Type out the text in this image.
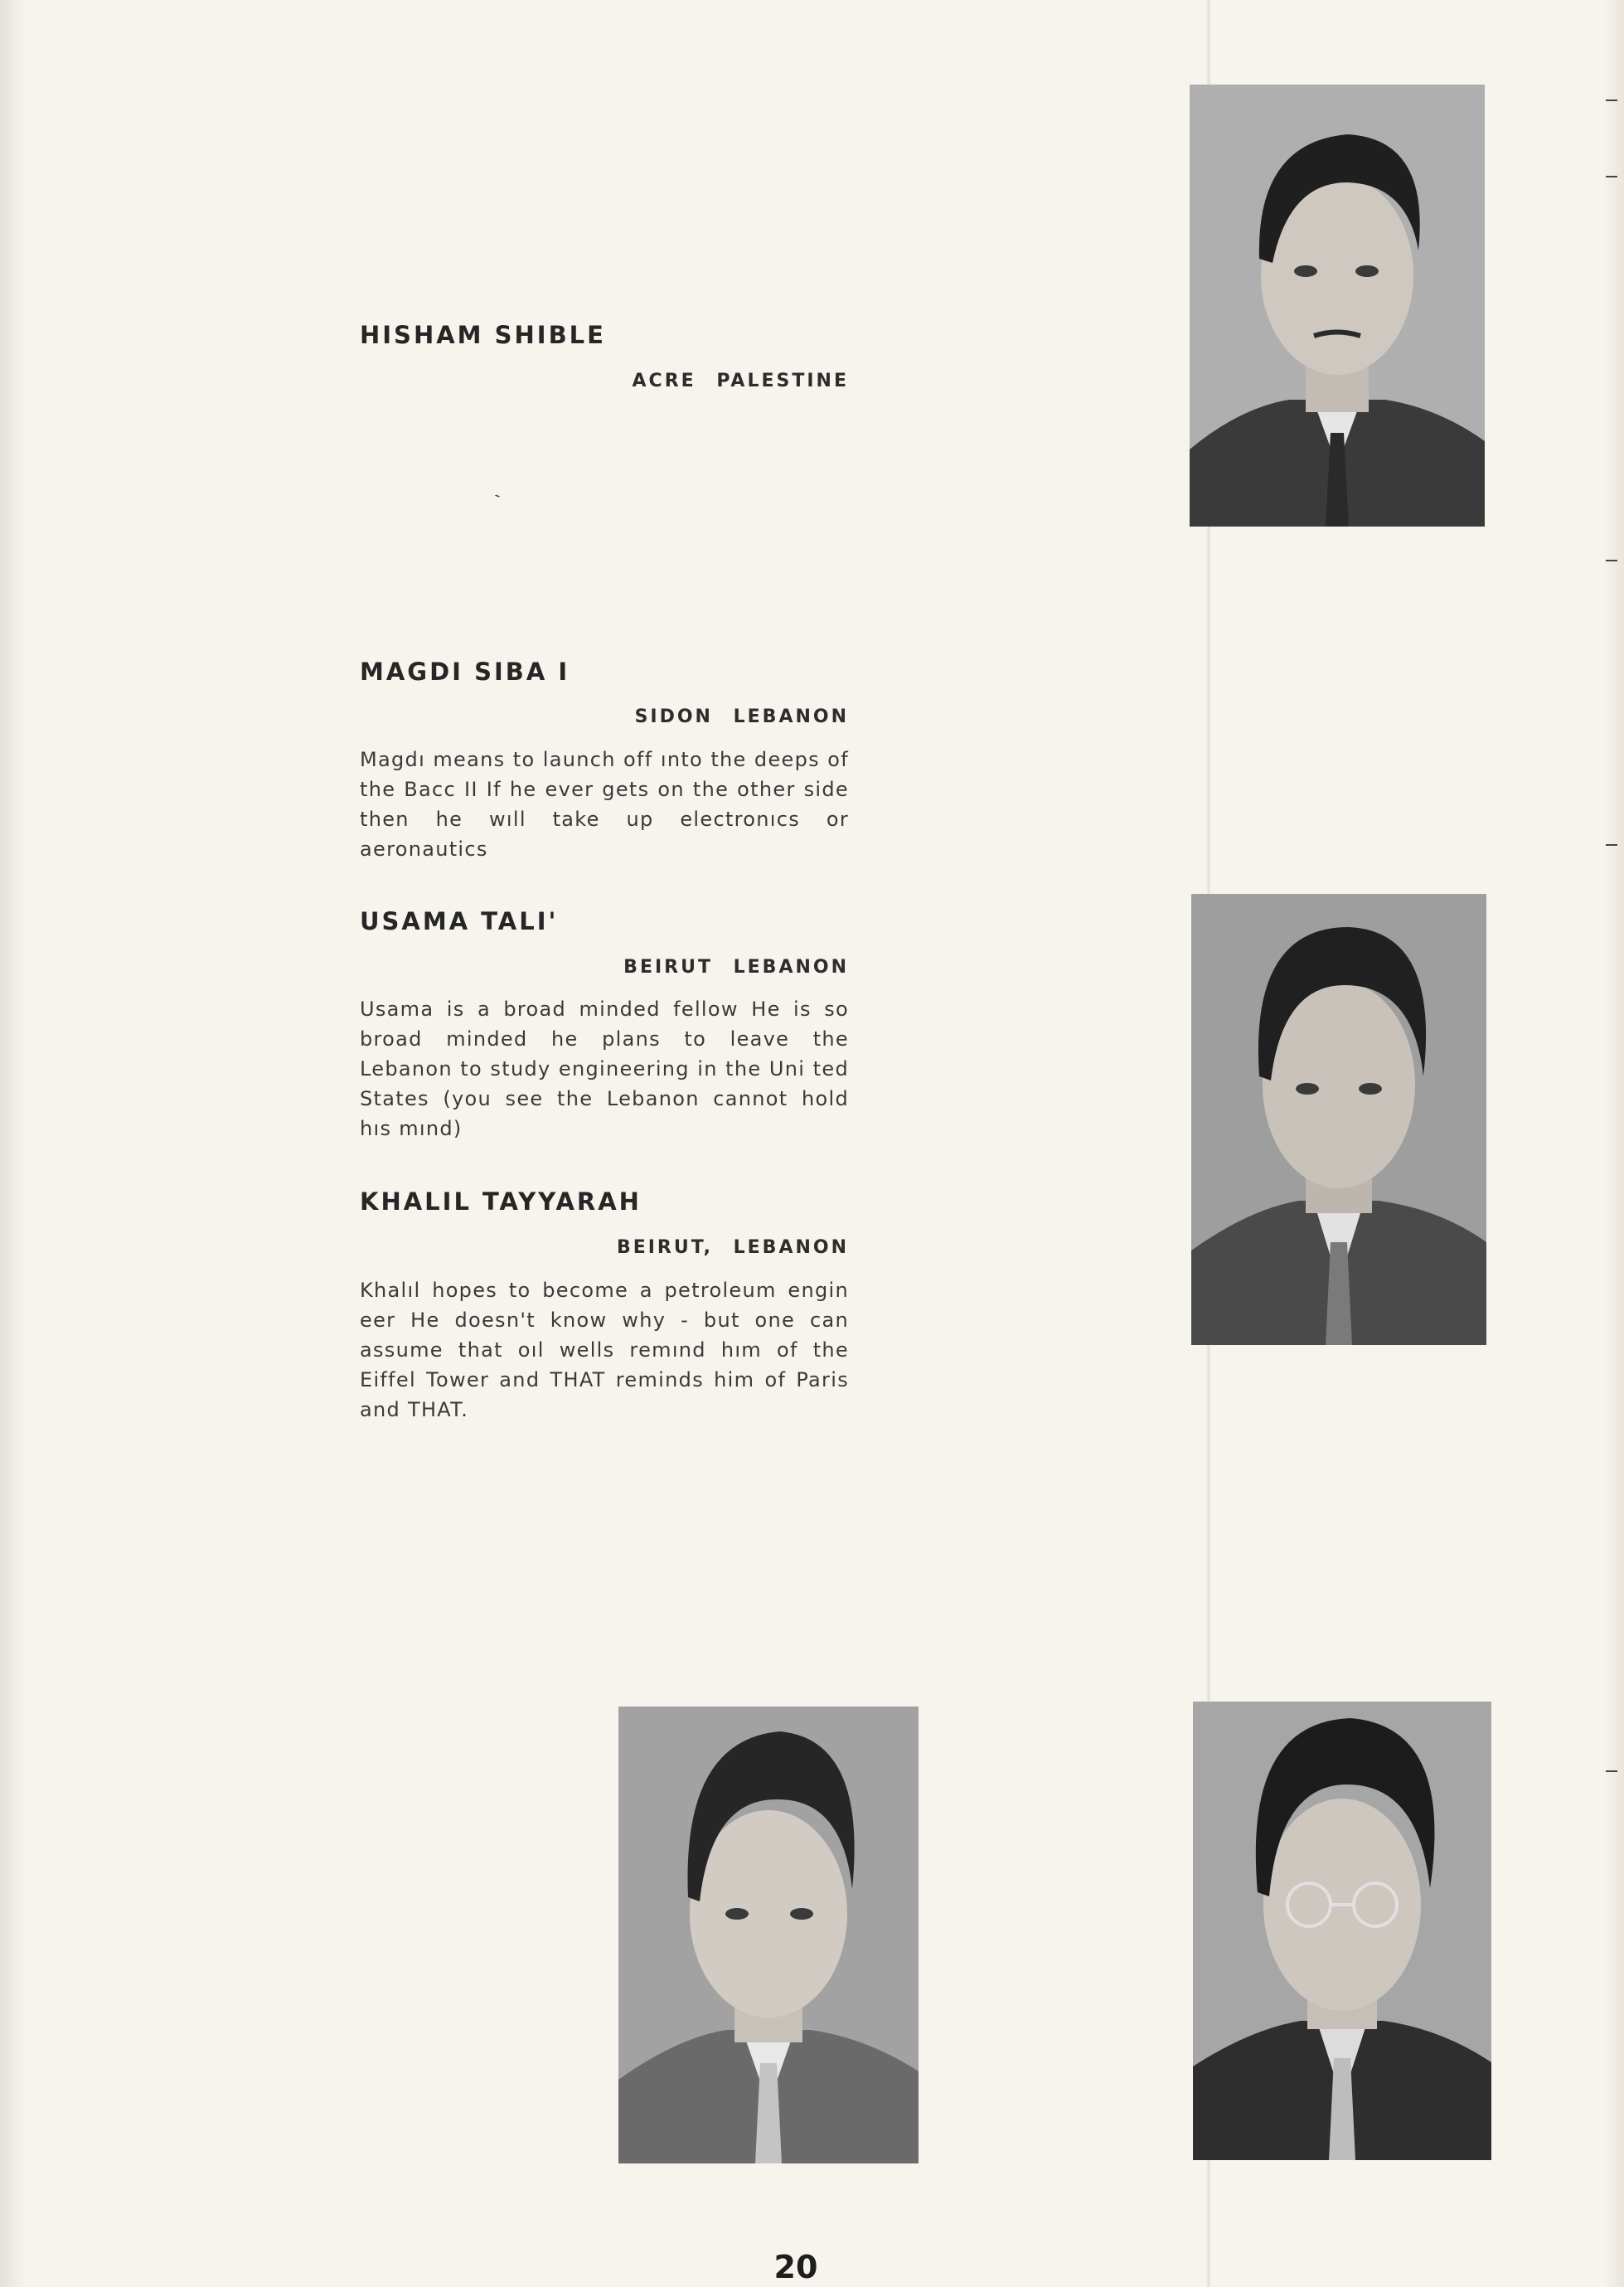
HISHAM SHIBLE
ACRE PALESTINE
`
MAGDI SIBA I
SIDON LEBANON
Magdı means to launch off ınto the deeps of the Bacc II If he ever gets on the other side then he wıll take up electronıcs or aeronautics
USAMA TALI'
BEIRUT LEBANON
Usama is a broad minded fellow He is so broad minded he plans to leave the Lebanon to study engineering in the Uni ted States (you see the Lebanon cannot hold hıs mınd)
KHALIL TAYYARAH
BEIRUT, LEBANON
Khalıl hopes to become a petroleum engin eer He doesn't know why - but one can assume that oıl wells remınd hım of the Eiffel Tower and THAT reminds him of Paris and THAT.
20
